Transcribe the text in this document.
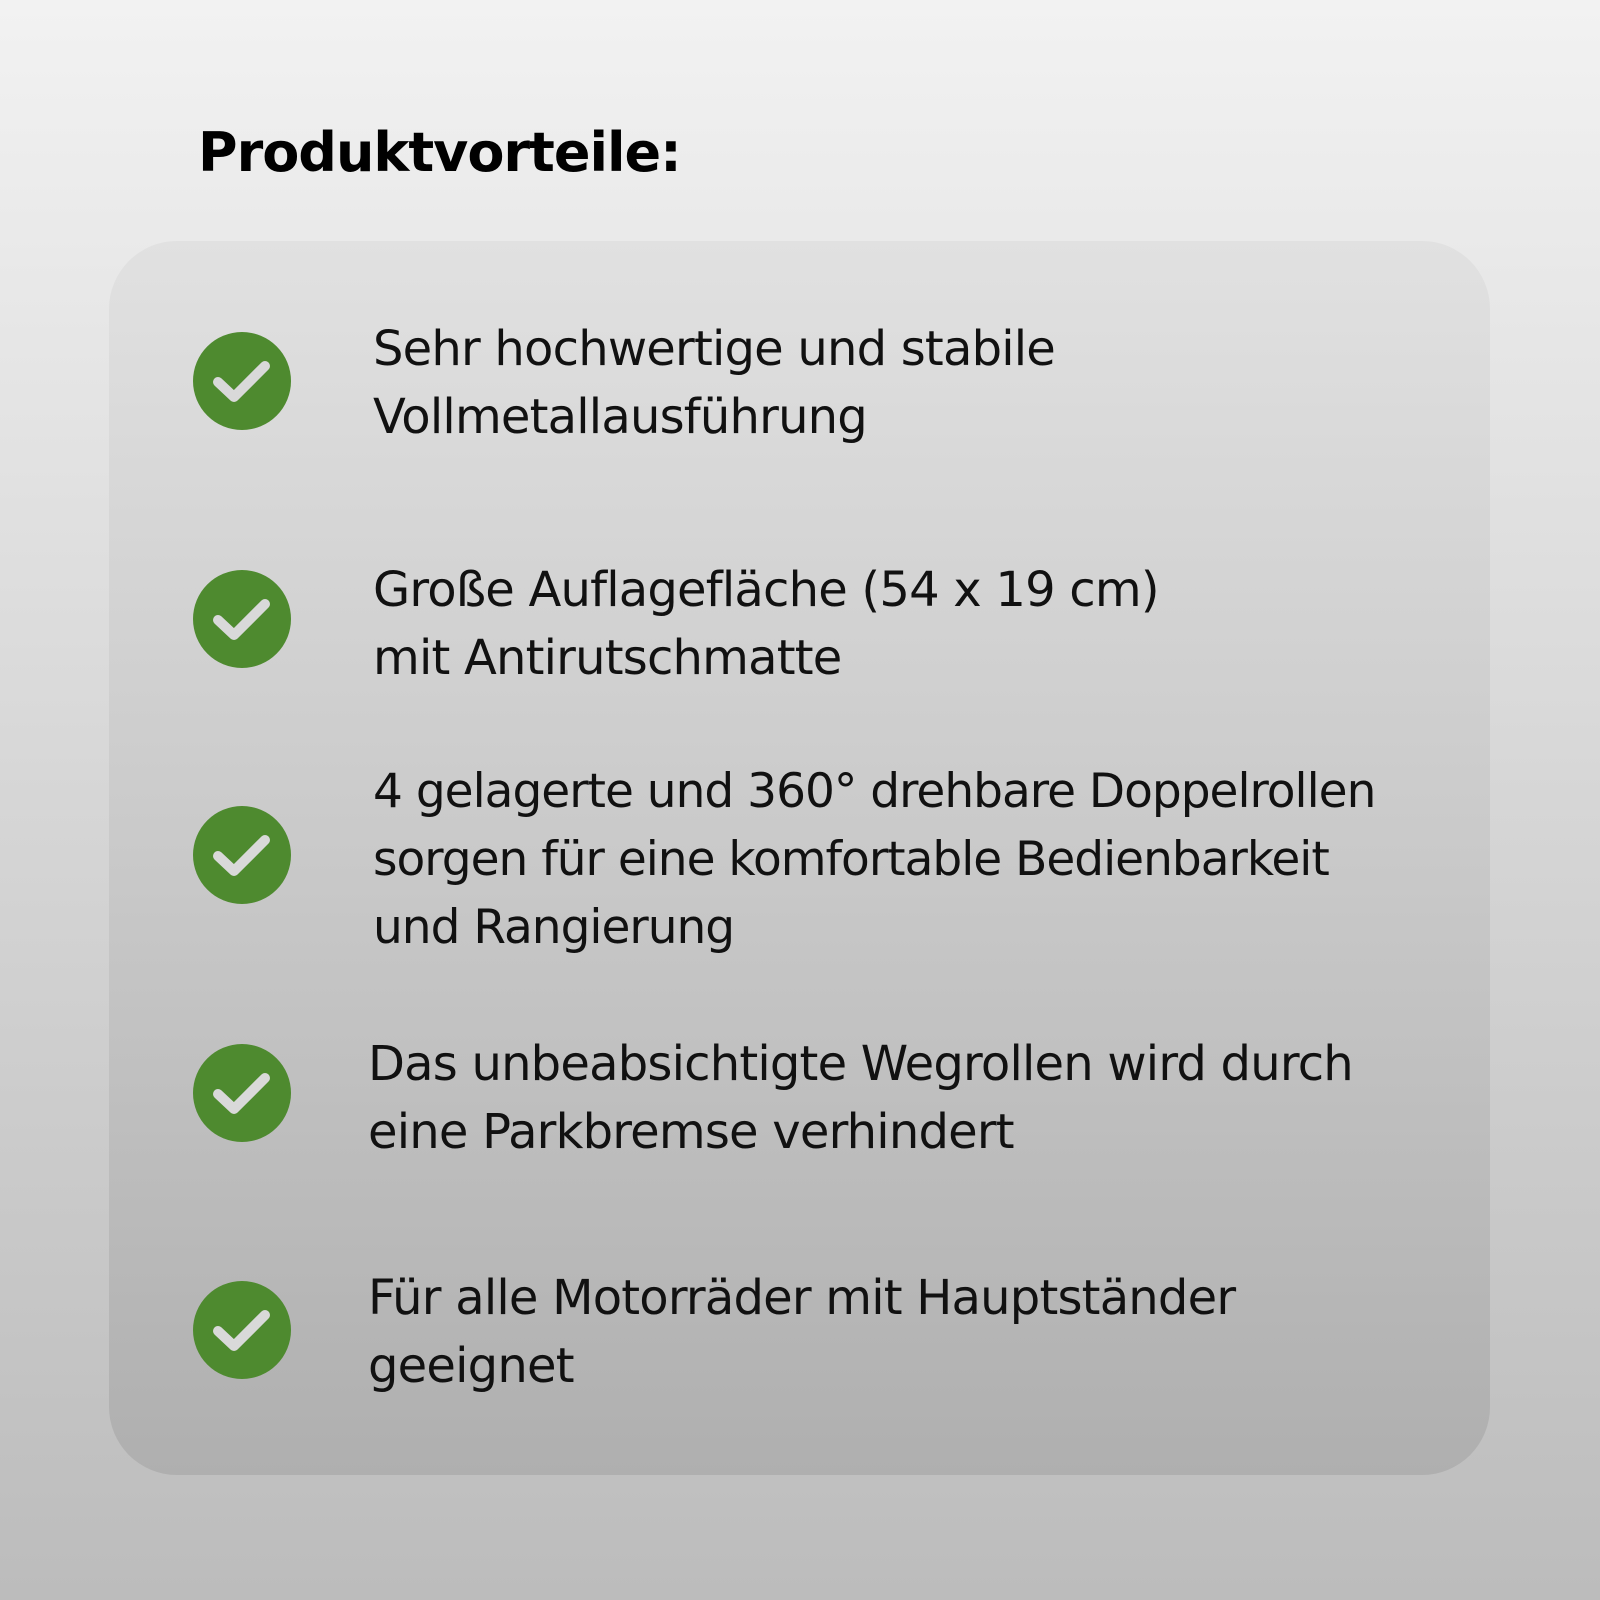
Produktvorteile:

Sehr hochwertige und stabile
Vollmetallausführung

Große Auflagefläche (54 x 19 cm)
mit Antirutschmatte

4 gelagerte und 360° drehbare Doppelrollen
sorgen für eine komfortable Bedienbarkeit
und Rangierung

Das unbeabsichtigte Wegrollen wird durch
eine Parkbremse verhindert

Für alle Motorräder mit Hauptständer
geeignet
